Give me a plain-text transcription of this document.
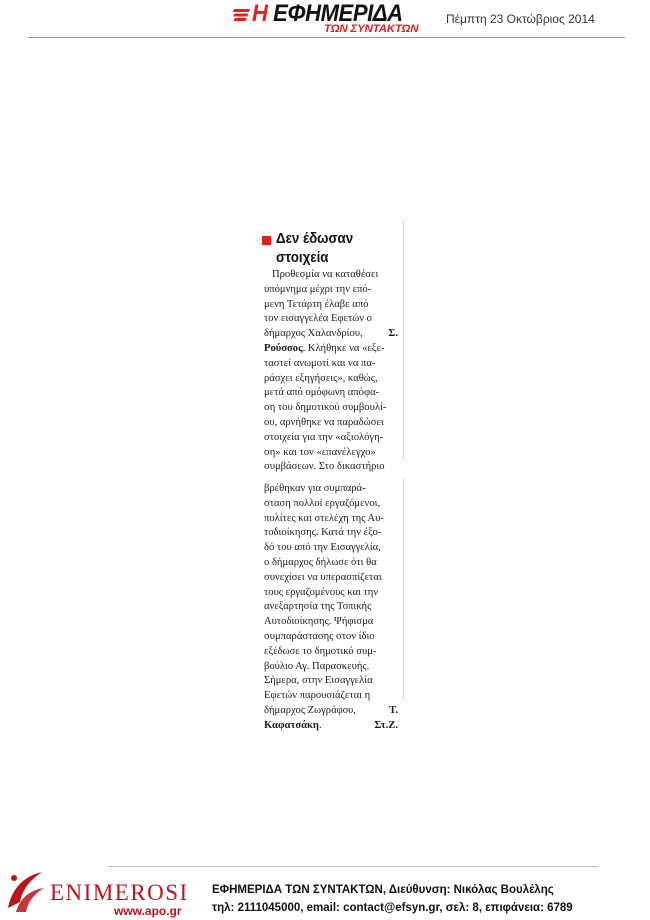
Η ΕΦΗΜΕΡΙΔΑ
ΤΩΝ ΣΥΝΤΑΚΤΩΝ
Πέμπτη 23 Οκτώβριος 2014
Δεν έδωσαν
στοιχεία
Προθεσμία να καταθέσει
υπόμνημα μέχρι την επό-
μενη Τετάρτη έλαβε από
τον εισαγγελέα Εφετών ο
δήμαρχος Χαλανδρίου, Σ.
Ρούσσος. Κλήθηκε να «εξε-
ταστεί ανωμοτί και να πα-
ράσχει εξηγήσεις», καθώς,
μετά από ομόφωνη απόφα-
ση του δημοτικού συμβουλί-
ου, αρνήθηκε να παραδώσει
στοιχεία για την «αξιολόγη-
ση» και τον «επανέλεγχο»
συμβάσεων. Στο δικαστήριο
βρέθηκαν για συμπαρά-
σταση πολλοί εργαζόμενοι,
πολίτες και στελέχη της Αυ-
τοδιοίκησης. Κατά την έξο-
δό του από την Εισαγγελία,
ο δήμαρχος δήλωσε ότι θα
συνεχίσει να υπερασπίζεται
τους εργαζομένους και την
ανεξαρτησία της Τοπικής
Αυτοδιοίκησης. Ψήφισμα
συμπαράστασης στον ίδιο
εξέδωσε το δημοτικό συμ-
βούλιο Αγ. Παρασκευής.
Σήμερα, στην Εισαγγελία
Εφετών παρουσιάζεται η
δήμαρχος Ζωγράφου,	Τ.
Καφατσάκη.	Στ.Ζ.
ENIMEROSI
www.apo.gr
ΕΦΗΜΕΡΙΔΑ ΤΩΝ ΣΥΝΤΑΚΤΩΝ, Διεύθυνση: Νικόλας Βουλέλης
τηλ: 2111045000, email: contact@efsyn.gr, σελ: 8, επιφάνεια: 6789
